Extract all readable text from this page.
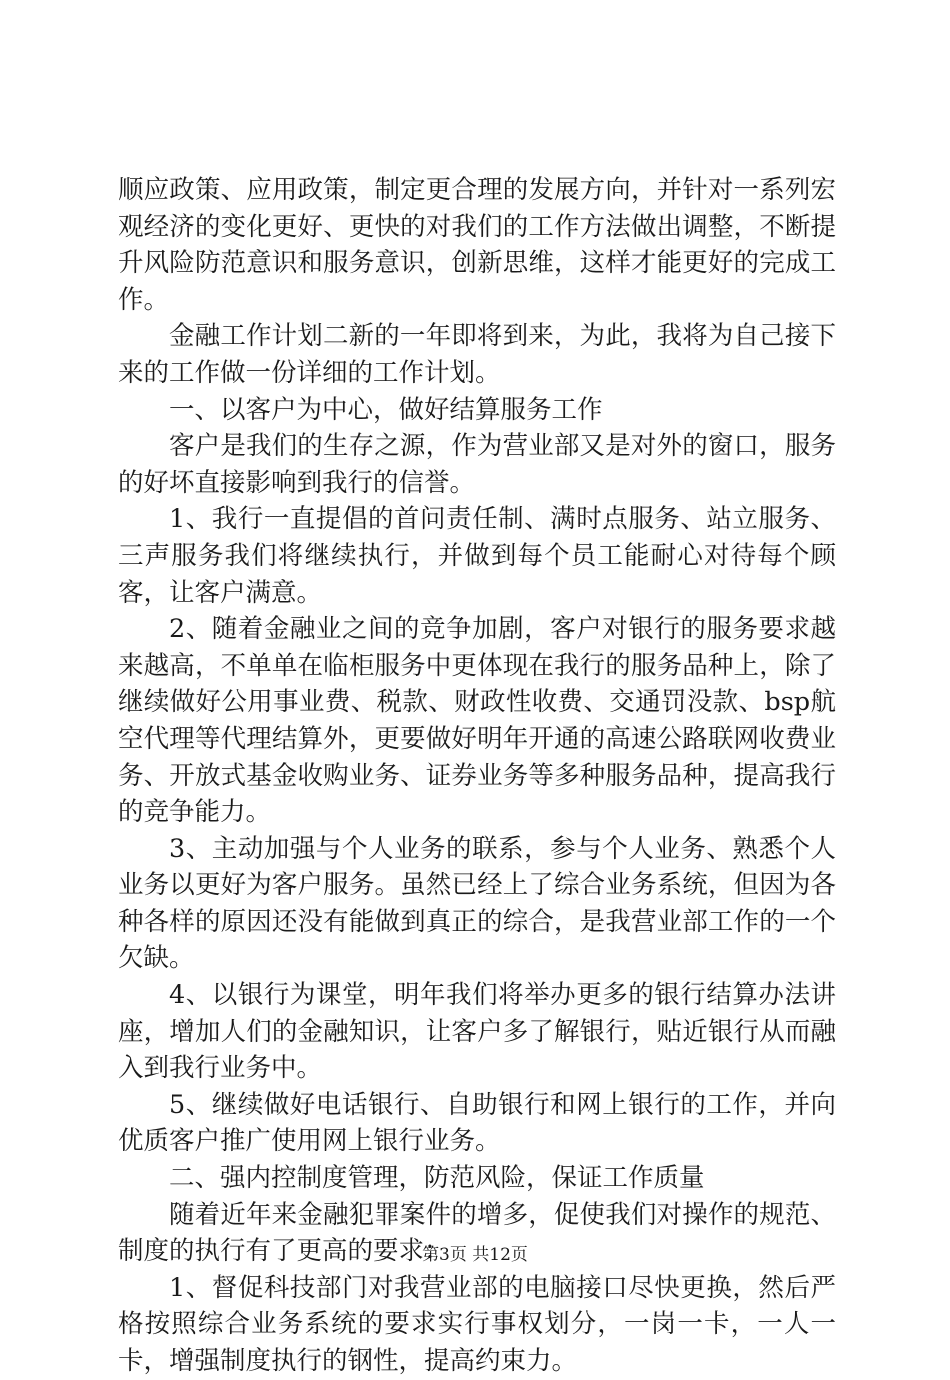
顺应政策、应用政策，制定更合理的发展方向，并针对一系列宏观经济的变化更好、更快的对我们的工作方法做出调整，不断提升风险防范意识和服务意识，创新思维，这样才能更好的完成工作。

金融工作计划二新的一年即将到来，为此，我将为自己接下来的工作做一份详细的工作计划。

一、以客户为中心，做好结算服务工作

客户是我们的生存之源，作为营业部又是对外的窗口，服务的好坏直接影响到我行的信誉。

1、我行一直提倡的首问责任制、满时点服务、站立服务、三声服务我们将继续执行，并做到每个员工能耐心对待每个顾客，让客户满意。

2、随着金融业之间的竞争加剧，客户对银行的服务要求越来越高，不单单在临柜服务中更体现在我行的服务品种上，除了继续做好公用事业费、税款、财政性收费、交通罚没款、bsp航空代理等代理结算外，更要做好明年开通的高速公路联网收费业务、开放式基金收购业务、证券业务等多种服务品种，提高我行的竞争能力。

3、主动加强与个人业务的联系，参与个人业务、熟悉个人业务以更好为客户服务。虽然已经上了综合业务系统，但因为各种各样的原因还没有能做到真正的综合，是我营业部工作的一个欠缺。

4、以银行为课堂，明年我们将举办更多的银行结算办法讲座，增加人们的金融知识，让客户多了解银行，贴近银行从而融入到我行业务中。

5、继续做好电话银行、自助银行和网上银行的工作，并向优质客户推广使用网上银行业务。

二、强内控制度管理，防范风险，保证工作质量

随着近年来金融犯罪案件的增多，促使我们对操作的规范、制度的执行有了更高的要求：

1、督促科技部门对我营业部的电脑接口尽快更换，然后严格按照综合业务系统的要求实行事权划分，一岗一卡，一人一卡，增强制度执行的钢性，提高约束力。

第3页 共12页
